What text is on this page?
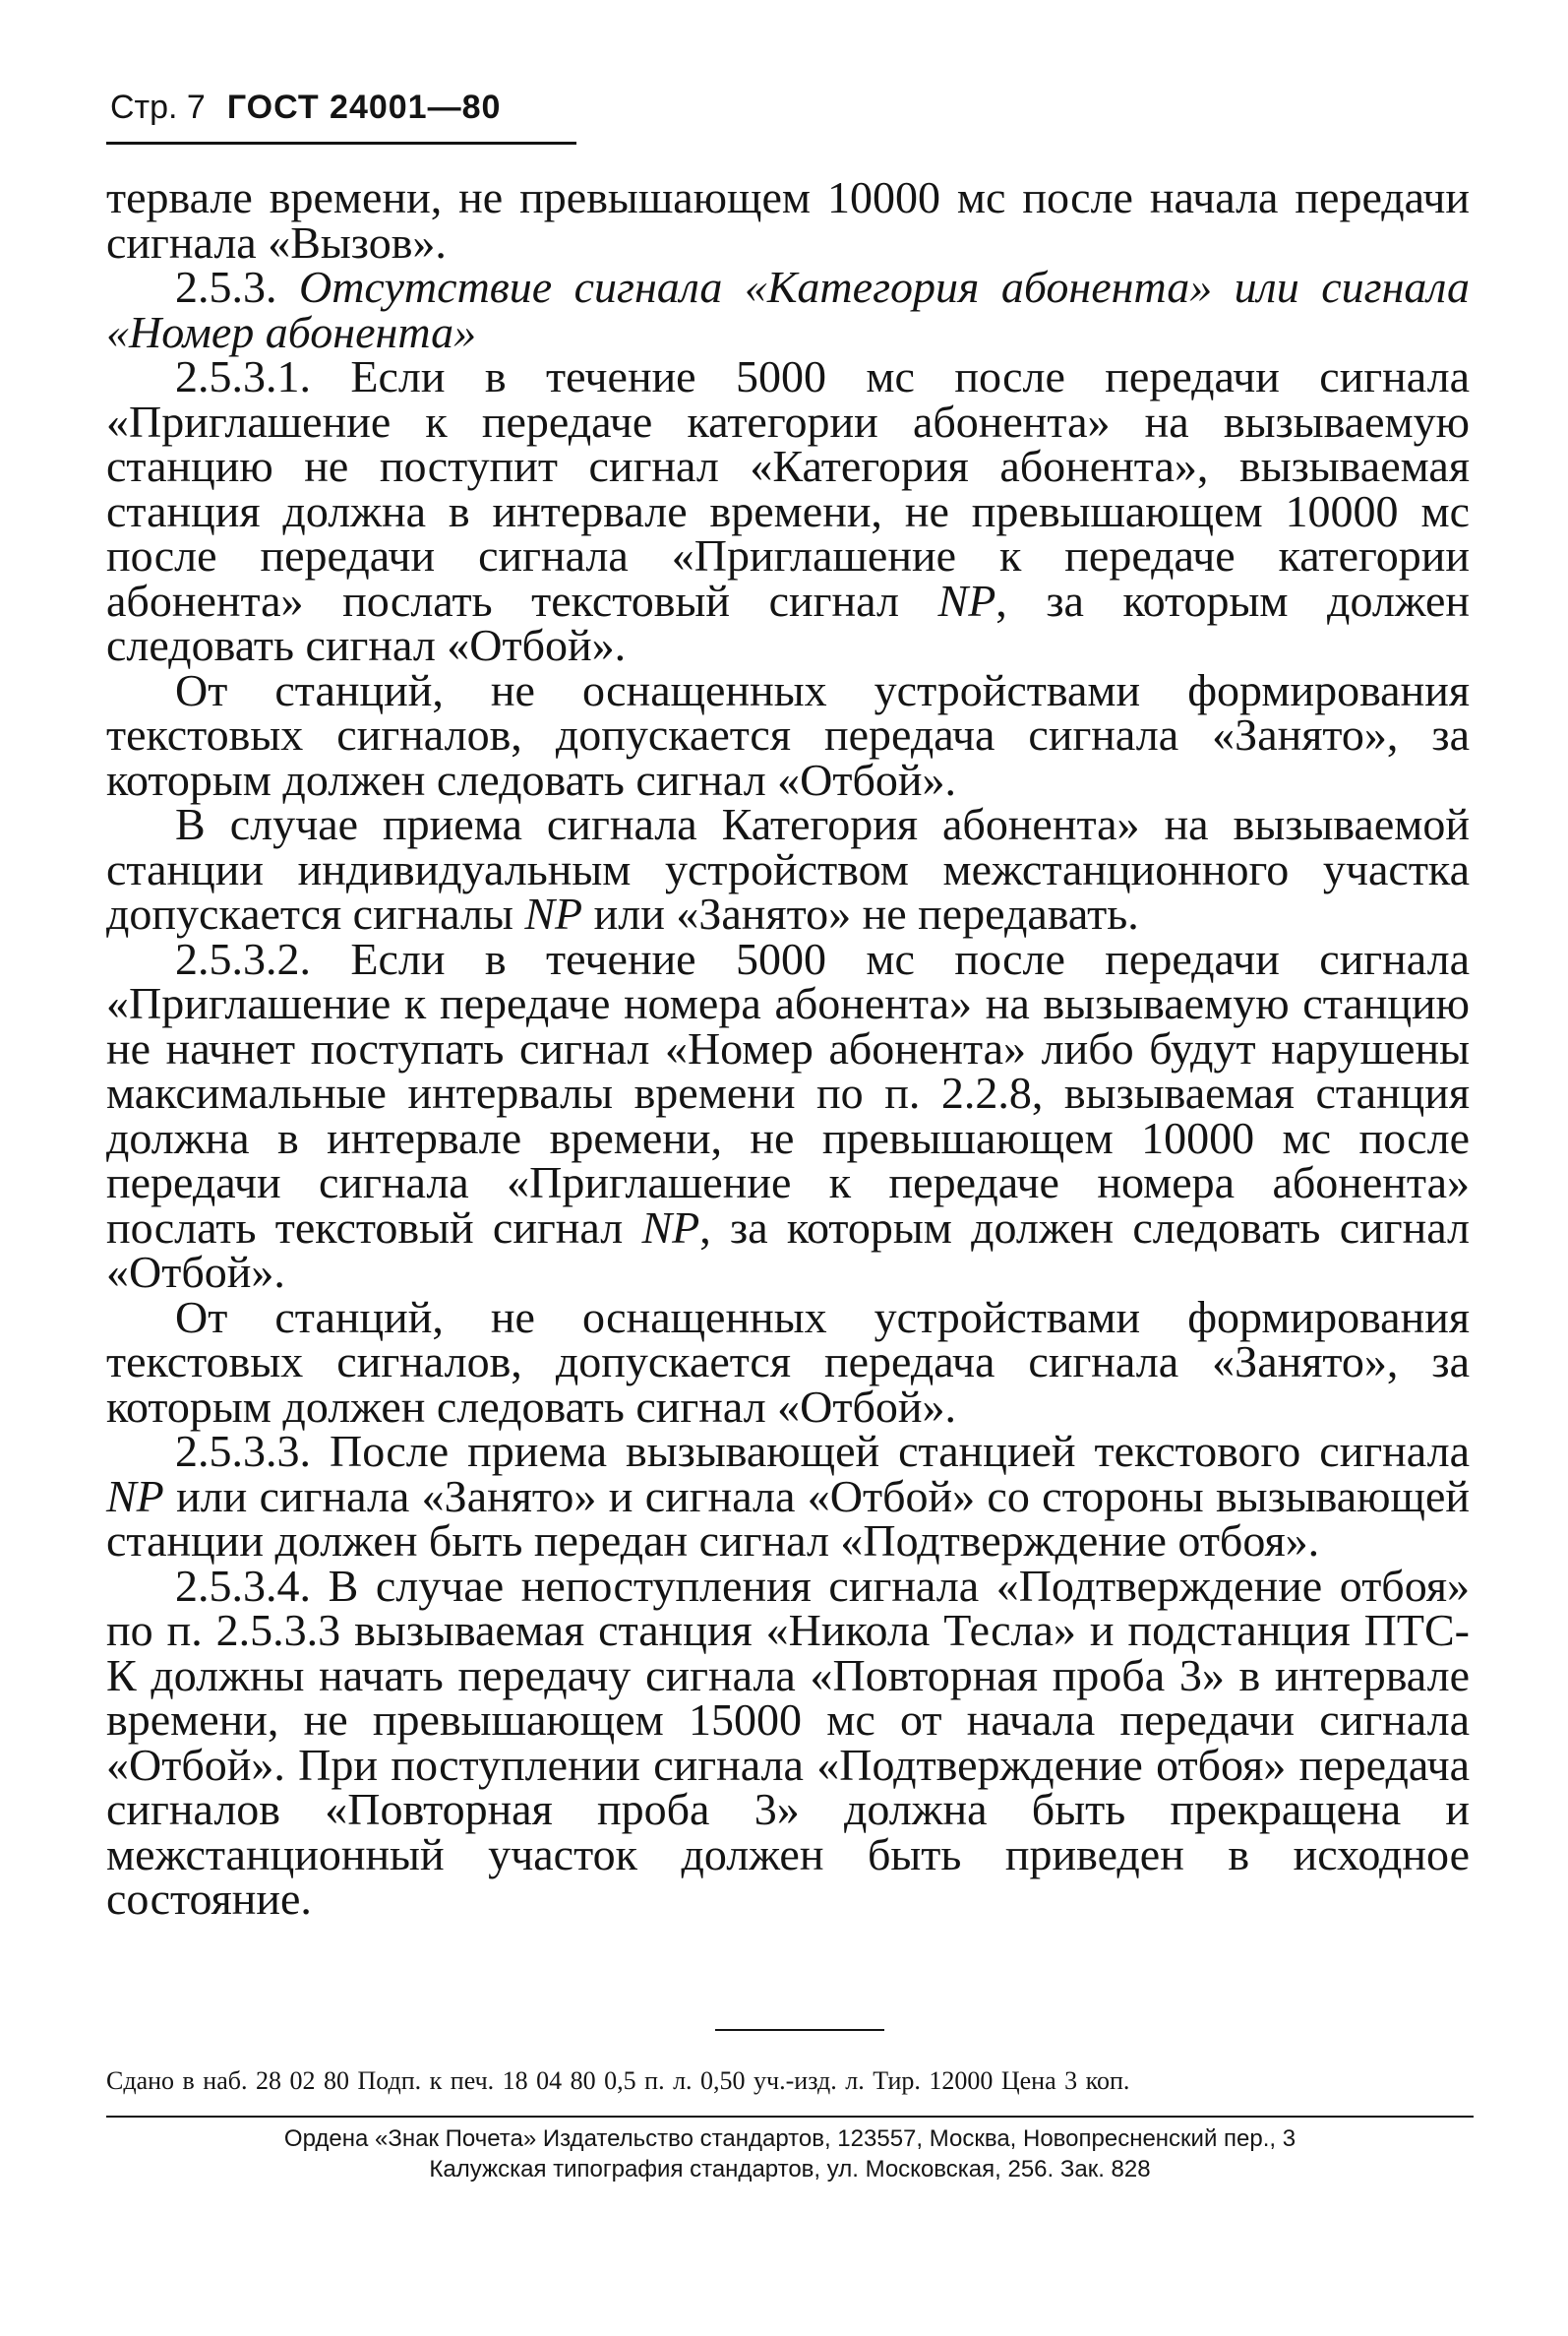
Стр. 7 ГОСТ 24001—80

тервале времени, не превышающем 10000 мс после начала передачи сигнала «Вызов».

2.5.3. Отсутствие сигнала «Категория абонента» или сигнала «Номер абонента»

2.5.3.1. Если в течение 5000 мс после передачи сигнала «Приглашение к передаче категории абонента» на вызываемую станцию не поступит сигнал «Категория абонента», вызываемая станция должна в интервале времени, не превышающем 10000 мс после передачи сигнала «Приглашение к передаче категории абонента» послать текстовый сигнал NP, за которым должен следовать сигнал «Отбой».

От станций, не оснащенных устройствами формирования текстовых сигналов, допускается передача сигнала «Занято», за которым должен следовать сигнал «Отбой».

В случае приема сигнала Категория абонента» на вызываемой станции индивидуальным устройством межстанционного участка допускается сигналы NP или «Занято» не передавать.

2.5.3.2. Если в течение 5000 мс после передачи сигнала «Приглашение к передаче номера абонента» на вызываемую станцию не начнет поступать сигнал «Номер абонента» либо будут нарушены максимальные интервалы времени по п. 2.2.8, вызываемая станция должна в интервале времени, не превышающем 10000 мс после передачи сигнала «Приглашение к передаче номера абонента» послать текстовый сигнал NP, за которым должен следовать сигнал «Отбой».

От станций, не оснащенных устройствами формирования текстовых сигналов, допускается передача сигнала «Занято», за которым должен следовать сигнал «Отбой».

2.5.3.3. После приема вызывающей станцией текстового сигнала NP или сигнала «Занято» и сигнала «Отбой» со стороны вызывающей станции должен быть передан сигнал «Подтверждение отбоя».

2.5.3.4. В случае непоступления сигнала «Подтверждение отбоя» по п. 2.5.3.3 вызываемая станция «Никола Тесла» и подстанция ПТС-К должны начать передачу сигнала «Повторная проба 3» в интервале времени, не превышающем 15000 мс от начала передачи сигнала «Отбой». При поступлении сигнала «Подтверждение отбоя» передача сигналов «Повторная проба 3» должна быть прекращена и межстанционный участок должен быть приведен в исходное состояние.

Сдано в наб. 28 02 80 Подп. к печ. 18 04 80 0,5 п. л. 0,50 уч.-изд. л. Тир. 12000 Цена 3 коп.
Ордена «Знак Почета» Издательство стандартов, 123557, Москва, Новопресненский пер., 3
Калужская типография стандартов, ул. Московская, 256. Зак. 828
